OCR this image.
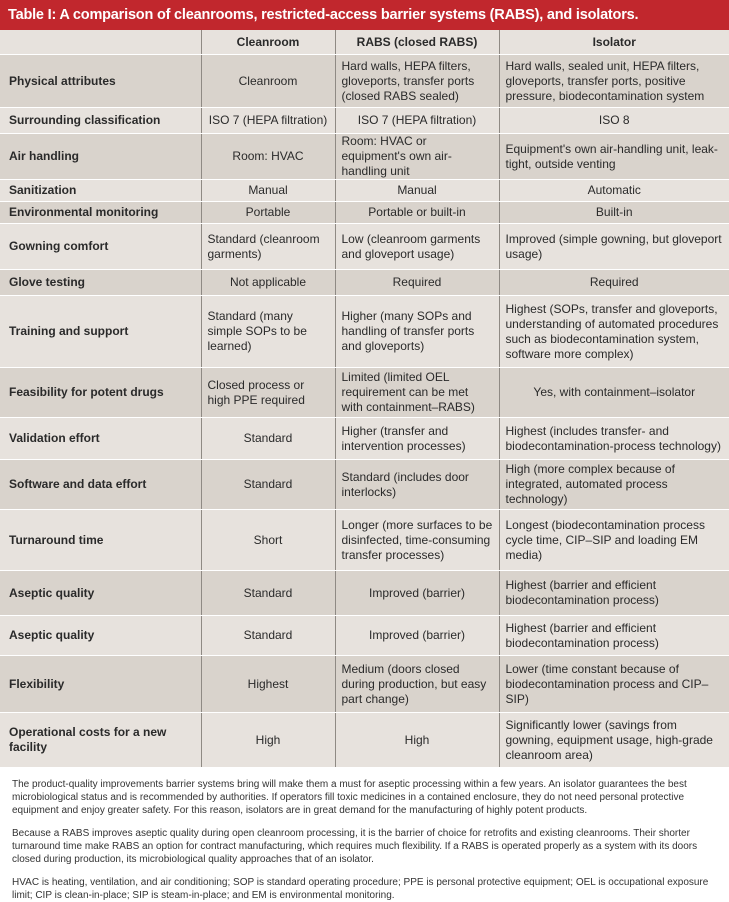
Table I: A comparison of cleanrooms, restricted-access barrier systems (RABS), and isolators.
	Cleanroom	RABS (closed RABS)	Isolator
Physical attributes	Cleanroom	Hard walls, HEPA filters, gloveports, transfer ports (closed RABS sealed)	Hard walls, sealed unit, HEPA filters, gloveports, transfer ports, positive pressure, biodecontamination system
Surrounding classification	ISO 7 (HEPA filtration)	ISO 7 (HEPA filtration)	ISO 8
Air handling	Room: HVAC	Room: HVAC or equipment's own air-handling unit	Equipment's own air-handling unit, leak-tight, outside venting
Sanitization	Manual	Manual	Automatic
Environmental monitoring	Portable	Portable or built-in	Built-in
Gowning comfort	Standard (cleanroom garments)	Low (cleanroom garments and gloveport usage)	Improved (simple gowning, but gloveport usage)
Glove testing	Not applicable	Required	Required
Training and support	Standard (many simple SOPs to be learned)	Higher (many SOPs and handling of transfer ports and gloveports)	Highest (SOPs, transfer and gloveports, understanding of automated procedures such as biodecontamination system, software more complex)
Feasibility for potent drugs	Closed process or high PPE required	Limited (limited OEL requirement can be met with containment–RABS)	Yes, with containment–isolator
Validation effort	Standard	Higher (transfer and intervention processes)	Highest (includes transfer- and biodecontamination-process technology)
Software and data effort	Standard	Standard (includes door interlocks)	High (more complex because of integrated, automated process technology)
Turnaround time	Short	Longer (more surfaces to be disinfected, time-consuming transfer processes)	Longest (biodecontamination process cycle time, CIP–SIP and loading EM media)
Aseptic quality	Standard	Improved (barrier)	Highest (barrier and efficient biodecontamination process)
Aseptic quality	Standard	Improved (barrier)	Highest (barrier and efficient biodecontamination process)
Flexibility	Highest	Medium (doors closed during production, but easy part change)	Lower (time constant because of biodecontamination process and CIP–SIP)
Operational costs for a new facility	High	High	Significantly lower (savings from gowning, equipment usage, high-grade cleanroom area)

The product-quality improvements barrier systems bring will make them a must for aseptic processing within a few years. An isolator guarantees the best microbiological status and is recommended by authorities. If operators fill toxic medicines in a contained enclosure, they do not need personal protective equipment and enjoy greater safety. For this reason, isolators are in great demand for the manufacturing of highly potent products.

Because a RABS improves aseptic quality during open cleanroom processing, it is the barrier of choice for retrofits and existing cleanrooms. Their shorter turnaround time make RABS an option for contract manufacturing, which requires much flexibility. If a RABS is operated properly as a system with its doors closed during production, its microbiological quality approaches that of an isolator.

HVAC is heating, ventilation, and air conditioning; SOP is standard operating procedure; PPE is personal protective equipment; OEL is occupational exposure limit; CIP is clean-in-place; SIP is steam-in-place; and EM is environmental monitoring.
